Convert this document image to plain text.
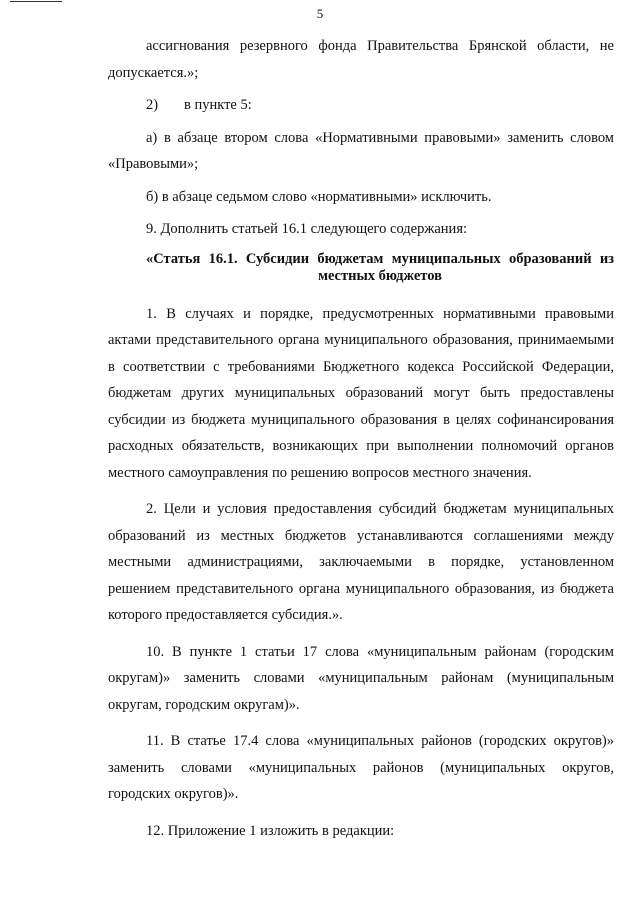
5

ассигнования резервного фонда Правительства Брянской области, не допускается.»;

2) в пункте 5:

а) в абзаце втором слова «Нормативными правовыми» заменить словом «Правовыми»;

б) в абзаце седьмом слово «нормативными» исключить.

9. Дополнить статьей 16.1 следующего содержания:

«Статья 16.1. Субсидии бюджетам муниципальных образований из
местных бюджетов

1. В случаях и порядке, предусмотренных нормативными правовыми актами представительного органа муниципального образования, принимаемыми в соответствии с требованиями Бюджетного кодекса Российской Федерации, бюджетам других муниципальных образований могут быть предоставлены субсидии из бюджета муниципального образования в целях софинансирования расходных обязательств, возникающих при выполнении полномочий органов местного самоуправления по решению вопросов местного значения.

2. Цели и условия предоставления субсидий бюджетам муниципальных образований из местных бюджетов устанавливаются соглашениями между местными администрациями, заключаемыми в порядке, установленном решением представительного органа муниципального образования, из бюджета которого предоставляется субсидия.».

10. В пункте 1 статьи 17 слова «муниципальным районам (городским округам)» заменить словами «муниципальным районам (муниципальным округам, городским округам)».

11. В статье 17.4 слова «муниципальных районов (городских округов)» заменить словами «муниципальных районов (муниципальных округов, городских округов)».

12. Приложение 1 изложить в редакции:
